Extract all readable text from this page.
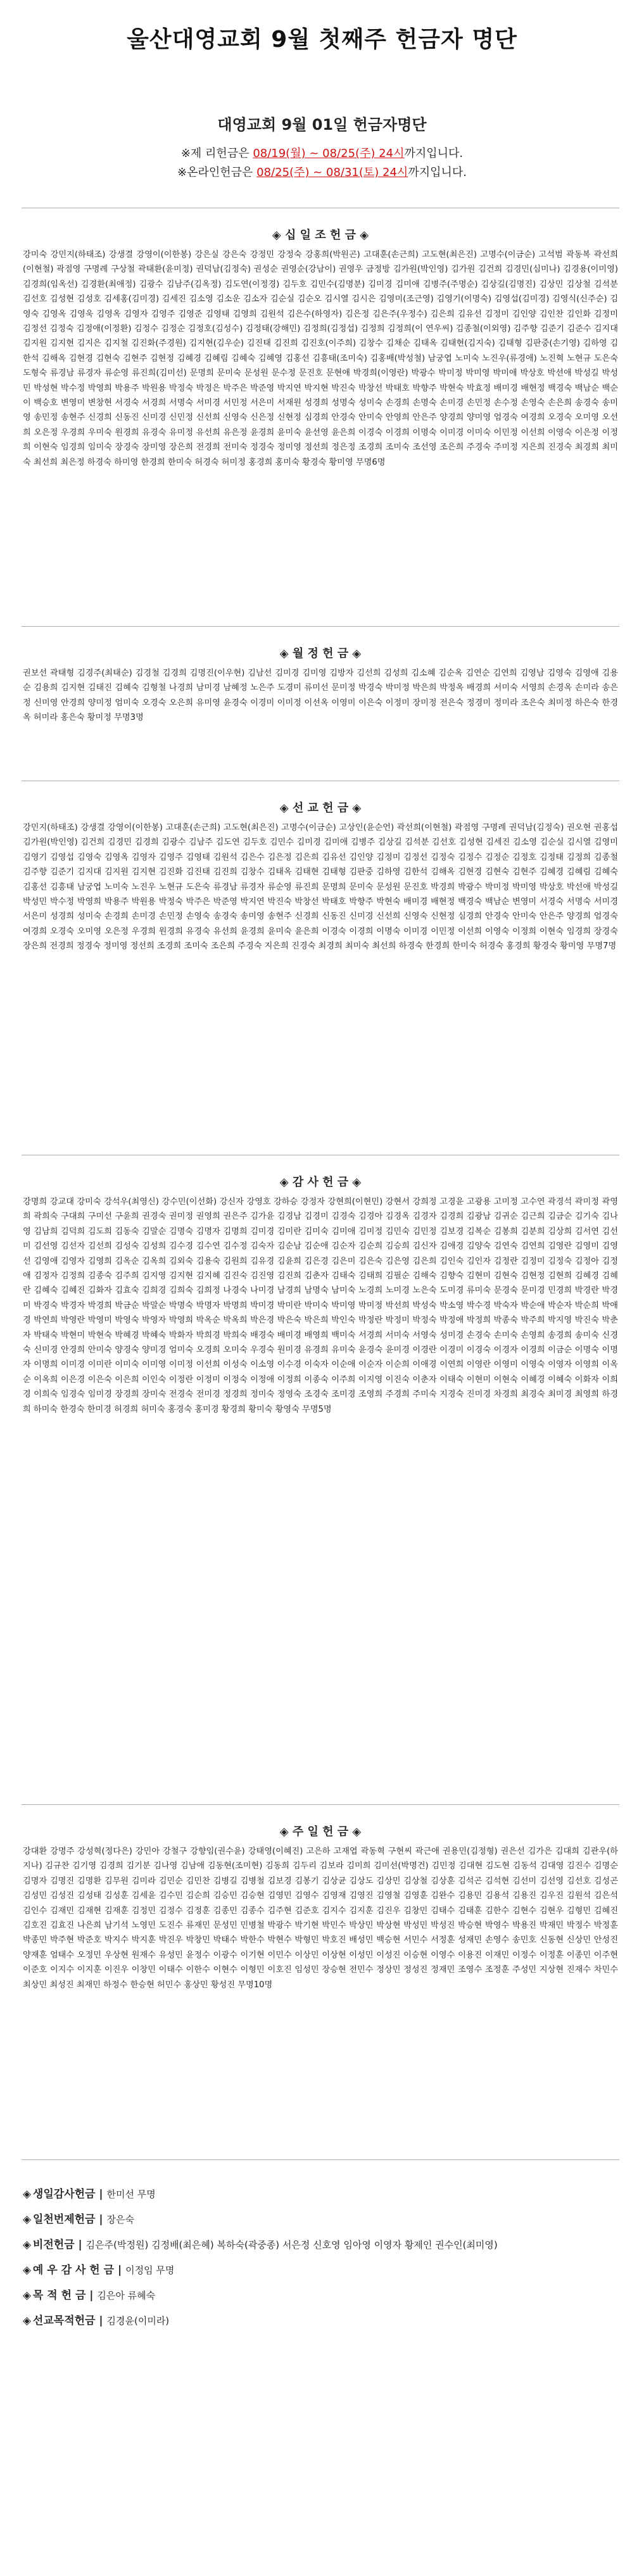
울산대영교회 9월 첫째주 헌금자 명단
대영교회 9월 01일 헌금자명단
※제 리헌금은 08/19(월) ~ 08/25(주) 24시까지입니다.
※온라인헌금은 08/25(주) ~ 08/31(토) 24시까지입니다.
◈ 십 일 조 헌 금 ◈
강미숙 강민지(하태조) 강생결 강영이(이한봉) 강은실 강은숙 강정민 강정숙 강홍희(박원곤) 고대훈(손근희) 고도현(최은진) 고명수(이금순) 고석범 곽동복 곽선희(이현철) 곽점영 구명례 구상철 곽태환(윤미정) 권덕남(김정숙) 권성순 권영순(강남이) 권영우 금정방 김가원(박인영) 김가원 김건희 김경민(심미나) 김경용(이미영) 김경희(임옥선) 김경환(최애정) 김광수 김남주(김옥정) 김도연(이정경) 김두호 김민수(김명분) 김미경 김미애 김병주(주명순) 김상길(김명진) 김상민 김상철 김석분 김선호 김성현 김성호 김세홍(김미경) 김세진 김소영 김소운 김소자 김순실 김순오 김시열 김시은 김영미(조근영) 김영기(이명숙) 김영섭(김미경) 김영식(신주순) 김영숙 김영옥 김영욱 김영옥 김영자 김영주 김영준 김영태 김영희 김원석 김은수(하영자) 김은정 김은주(우정수) 김은희 김유선 김정미 김인양 김인찬 김인화 김정미 김정선 김정숙 김정애(이정환) 김정수 김정순 김정호(김성수) 김정태(강해민) 김정희(김정섭) 김정희 김정희(이 연우씨) 김종철(이외영) 김주향 김준기 김준수 김지대 김지원 김지현 김지은 김지철 김진화(주경원) 김지현(김우순) 김진태 김진희 김진호(이주희) 김창수 김채순 김태옥 김태현(김지숙) 김태형 김판중(손기영) 김하영 김한석 김해옥 김현경 김현숙 김현주 김현정 김혜경 김혜림 김혜숙 김혜영 김홍선 김흥태(조미숙) 김홍배(박성철) 남궁엽 노미숙 노진우(류경애) 노진혁 노현규 도은숙 도형숙 류경남 류경자 류순영 류진희(김미선) 문명희 문미숙 문성원 문수정 문진호 문현애 박경희(이영란) 박광수 박미정 박미영 박미애 박상호 박선애 박성길 박성민 박성현 박수정 박영희 박용주 박원용 박정숙 박정은 박주은 박준영 박지연 박지현 박진숙 박창선 박태호 박향주 박현숙 박효정 배미경 배현정 백경숙 백남순 백순이 백승호 변영미 변창현 서경숙 서경희 서명숙 서미경 서민정 서은미 서재원 성경희 성명숙 성미숙 손경희 손명숙 손미경 손민정 손수정 손영숙 손은희 송경숙 송미영 송민정 송현주 신경희 신동진 신미경 신민정 신선희 신영숙 신은정 신현정 심경희 안경숙 안미숙 안영희 안은주 양경희 양미영 엄경숙 여경희 오경숙 오미영 오선희 오은정 우경희 우미숙 원경희 유경숙 유미정 유선희 유은정 윤경희 윤미숙 윤선영 윤은희 이경숙 이경희 이명숙 이미경 이미숙 이민정 이선희 이영숙 이은정 이정희 이현숙 임경희 임미숙 장경숙 장미영 장은희 전경희 전미숙 정경숙 정미영 정선희 정은정 조경희 조미숙 조선영 조은희 주경숙 주미정 지은희 진경숙 최경희 최미숙 최선희 최은정 하경숙 하미영 한경희 한미숙 허경숙 허미정 홍경희 홍미숙 황경숙 황미영 무명6명
◈ 월 정 헌 금 ◈
권보선 곽태형 김경주(최태순) 김경철 김경희 김명진(이우현) 김남선 김미경 김미영 김방자 김선희 김성희 김소혜 김순옥 김연순 김연희 김영남 김영숙 김영애 김용순 김용희 김지현 김태진 김혜숙 김형철 나경희 남미경 남혜정 노은주 도경미 류미선 문미정 박경숙 박미정 박은희 박정옥 배경희 서미숙 서영희 손경옥 손미라 송은정 신미영 안경희 양미정 엄미숙 오경숙 오은희 유미영 윤경숙 이경미 이미정 이선옥 이영미 이은숙 이정미 장미정 전은숙 정경미 정미라 조은숙 최미정 하은숙 한경옥 허미라 홍은숙 황미정 무명3명
◈ 선 교 헌 금 ◈
강민지(하태조) 강생결 강영이(이한봉) 고대훈(손근희) 고도현(최은진) 고명수(이금순) 고상인(윤순언) 곽선희(이현철) 곽점영 구명례 권덕남(김정숙) 권오현 권홍섭 김가원(박인영) 김건희 김경민 김경희 김광수 김남주 김도연 김두호 김민수 김미경 김미애 김병주 김상길 김석분 김선호 김성현 김세진 김소영 김순실 김시열 김영미 김영기 김영섭 김영숙 김영옥 김영자 김영주 김영태 김원석 김은수 김은정 김은희 김유선 김인양 김정미 김정선 김정숙 김정수 김정순 김정호 김정태 김정희 김종철 김주향 김준기 김지대 김지원 김지현 김진화 김진태 김진희 김창수 김태옥 김태현 김태형 김판중 김하영 김한석 김해옥 김현경 김현숙 김현주 김혜경 김혜림 김혜숙 김홍선 김흥태 남궁엽 노미숙 노진우 노현규 도은숙 류경남 류경자 류순영 류진희 문명희 문미숙 문성원 문진호 박경희 박광수 박미정 박미영 박상호 박선애 박성길 박성민 박수정 박영희 박용주 박원용 박정숙 박주은 박준영 박지연 박진숙 박창선 박태호 박향주 박현숙 배미경 배현정 백경숙 백남순 변영미 서경숙 서명숙 서미경 서은미 성경희 성미숙 손경희 손미경 손민정 손영숙 송경숙 송미영 송현주 신경희 신동진 신미경 신선희 신영숙 신현정 심경희 안경숙 안미숙 안은주 양경희 엄경숙 여경희 오경숙 오미영 오은정 우경희 원경희 유경숙 유선희 윤경희 윤미숙 윤은희 이경숙 이경희 이명숙 이미경 이민정 이선희 이영숙 이정희 이현숙 임경희 장경숙 장은희 전경희 정경숙 정미영 정선희 조경희 조미숙 조은희 주경숙 지은희 진경숙 최경희 최미숙 최선희 하경숙 한경희 한미숙 허경숙 홍경희 황경숙 황미영 무명7명
◈ 감 사 헌 금 ◈
강명희 강교대 강미숙 강석우(최영신) 강수민(이선화) 강신자 강영호 강하승 강정자 강현희(이현민) 강현서 강희정 고경윤 고광용 고미정 고수연 곽경석 곽미정 곽영희 곽희숙 구대희 구미선 구윤희 권경숙 권미정 권영희 권은주 김가윤 김경남 김경미 김경숙 김경아 김경옥 김경자 김경희 김광남 김귀순 김근희 김금순 김기숙 김나영 김남희 김덕희 김도희 김동숙 김말순 김명숙 김명자 김명희 김미경 김미란 김미숙 김미애 김미정 김민숙 김민정 김보경 김복순 김봉희 김분희 김상희 김서연 김선미 김선영 김선자 김선희 김성숙 김성희 김수경 김수연 김수정 김숙자 김순남 김순애 김순자 김순희 김승희 김신자 김애경 김양숙 김연숙 김연희 김영란 김영미 김영선 김영애 김영자 김영희 김옥순 김옥희 김외숙 김용숙 김원희 김유경 김윤희 김은경 김은미 김은숙 김은영 김은희 김인숙 김인자 김정란 김정미 김정숙 김정아 김정애 김정자 김정희 김종숙 김주희 김지영 김지현 김지혜 김진숙 김진영 김진희 김춘자 김태숙 김태희 김필순 김해숙 김향숙 김현미 김현숙 김현정 김현희 김혜경 김혜란 김혜숙 김혜진 김화자 김효숙 김희경 김희숙 김희정 나경숙 나미경 남경희 남명숙 남미숙 노경희 노미경 노은숙 도미경 류미숙 문경숙 문미경 민경희 박경란 박경미 박경숙 박경자 박경희 박금순 박말순 박명숙 박명자 박명희 박미경 박미란 박미숙 박미영 박미정 박선희 박성숙 박소영 박수경 박숙자 박순애 박순자 박순희 박애경 박연희 박영란 박영미 박영숙 박영자 박영희 박옥순 박옥희 박은경 박은숙 박은희 박인숙 박정란 박정미 박정숙 박정애 박정희 박종숙 박주희 박지영 박진숙 박춘자 박태숙 박현미 박현숙 박혜경 박혜숙 박화자 박희경 박희숙 배경숙 배미경 배영희 백미숙 서경희 서미숙 서영숙 성미경 손경숙 손미숙 손영희 송경희 송미숙 신경숙 신미경 안경희 안미숙 양경숙 양미경 엄미숙 오경희 오미숙 우경숙 원미경 유경희 유미숙 윤경숙 윤미경 이경란 이경미 이경숙 이경자 이경희 이금순 이명숙 이명자 이명희 이미경 이미란 이미숙 이미영 이미정 이선희 이성숙 이소영 이수경 이숙자 이순애 이순자 이순희 이애경 이연희 이영란 이영미 이영숙 이영자 이영희 이옥순 이옥희 이은경 이은숙 이은희 이인숙 이정란 이정미 이정숙 이정애 이정희 이종숙 이주희 이지영 이진숙 이춘자 이태숙 이현미 이현숙 이혜경 이혜숙 이화자 이희경 이희숙 임경숙 임미경 장경희 장미숙 전경숙 전미경 정경희 정미숙 정영숙 조경숙 조미경 조영희 주경희 주미숙 지경숙 진미경 차경희 최경숙 최미경 최영희 하경희 하미숙 한경숙 한미경 허경희 허미숙 홍경숙 홍미경 황경희 황미숙 황영숙 무명5명
◈ 주 일 헌 금 ◈
강대환 강명주 강성혁(정다은) 강민아 강철구 강향임(권수윤) 강태영(이혜진) 고은하 고재엽 곽동혁 구현씨 곽근애 권용민(김정형) 권은선 김가은 김대희 김관우(하지나) 김규찬 김기영 김경희 김기분 김나영 김남애 김동현(조미현) 김동희 김두리 김보라 김미희 김미선(박명건) 김민정 김대현 김도현 김동석 김대영 김진수 김명순 김명자 김명진 김명환 김무원 김미라 김민순 김민찬 김병길 김병철 김보경 김봉기 김상균 김상도 김상민 김상철 김상훈 김석곤 김석현 김선미 김선영 김선호 김성곤 김성민 김성진 김성태 김성훈 김세윤 김수민 김순희 김승민 김승현 김영민 김영수 김영재 김영진 김영철 김영훈 김완수 김용민 김용석 김용진 김우진 김원석 김은석 김인수 김재민 김재현 김재훈 김정민 김정수 김정훈 김종민 김종수 김주현 김준호 김지수 김지훈 김진우 김창민 김태수 김태훈 김한수 김현수 김현우 김형민 김혜진 김호진 김효진 나은희 남기석 노영민 도진수 류재민 문성민 민병철 박광수 박기현 박민수 박상민 박상현 박성민 박성진 박승현 박영수 박용진 박재민 박정수 박정훈 박종민 박주현 박준호 박지수 박지훈 박진우 박창민 박태수 박한수 박현수 박형민 박호진 배성민 백승현 서민수 서정훈 성재민 손영수 송민호 신동현 신상민 안성진 양재훈 엄태수 오정민 우상현 원재수 유성민 윤정수 이광수 이기현 이민수 이상민 이상현 이성민 이성진 이승현 이영수 이용진 이재민 이정수 이정훈 이종민 이주현 이준호 이지수 이지훈 이진우 이창민 이태수 이한수 이현수 이형민 이호진 임성민 장승현 전민수 정상민 정성진 정재민 조영수 조정훈 주성민 지상현 진재수 차민수 최상민 최성진 최재민 하정수 한승현 허민수 홍상민 황성진 무명10명
◈ 생일감사헌금 | 한미선 무명
◈ 일천번제헌금 | 장은숙
◈ 비전헌금 | 김은주(박정원) 김정배(최은혜) 복하숙(곽중종) 서은정 신호영 임아영 이영자 황제인 권수인(최미영)
◈ 예 우 감 사 헌 금 | 이정임 무명
◈ 목 적 헌 금 | 김은아 류혜숙
◈ 선교목적헌금 | 김경윤(이미라)
